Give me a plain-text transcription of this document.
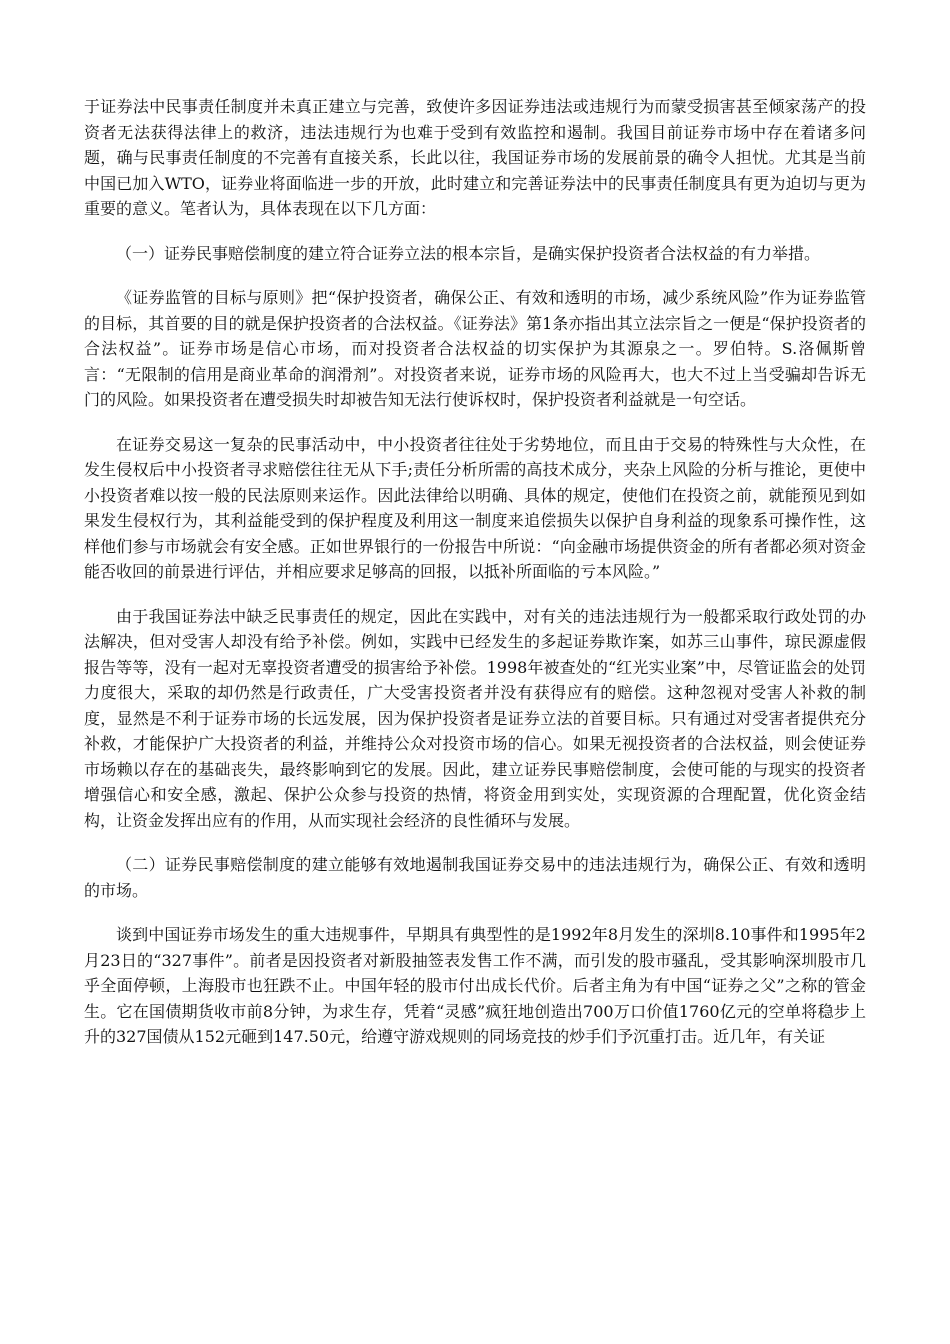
于证券法中民事责任制度并未真正建立与完善，致使许多因证券违法或违规行为而蒙受损害甚至倾家荡产的投资者无法获得法律上的救济，违法违规行为也难于受到有效监控和遏制。我国目前证券市场中存在着诸多问题，确与民事责任制度的不完善有直接关系，长此以往，我国证券市场的发展前景的确令人担忧。尤其是当前中国已加入WTO，证券业将面临进一步的开放，此时建立和完善证券法中的民事责任制度具有更为迫切与更为重要的意义。笔者认为，具体表现在以下几方面：

（一）证券民事赔偿制度的建立符合证券立法的根本宗旨，是确实保护投资者合法权益的有力举措。

《证券监管的目标与原则》把“保护投资者，确保公正、有效和透明的市场，减少系统风险”作为证券监管的目标，其首要的目的就是保护投资者的合法权益。《证券法》第1条亦指出其立法宗旨之一便是“保护投资者的合法权益”。证券市场是信心市场，而对投资者合法权益的切实保护为其源泉之一。罗伯特。S.洛佩斯曾言：“无限制的信用是商业革命的润滑剂”。对投资者来说，证券市场的风险再大，也大不过上当受骗却告诉无门的风险。如果投资者在遭受损失时却被告知无法行使诉权时，保护投资者利益就是一句空话。

在证券交易这一复杂的民事活动中，中小投资者往往处于劣势地位，而且由于交易的特殊性与大众性，在发生侵权后中小投资者寻求赔偿往往无从下手;责任分析所需的高技术成分，夹杂上风险的分析与推论，更使中小投资者难以按一般的民法原则来运作。因此法律给以明确、具体的规定，使他们在投资之前，就能预见到如果发生侵权行为，其利益能受到的保护程度及利用这一制度来追偿损失以保护自身利益的现象系可操作性，这样他们参与市场就会有安全感。正如世界银行的一份报告中所说：“向金融市场提供资金的所有者都必须对资金能否收回的前景进行评估，并相应要求足够高的回报，以抵补所面临的亏本风险。”

由于我国证券法中缺乏民事责任的规定，因此在实践中，对有关的违法违规行为一般都采取行政处罚的办法解决，但对受害人却没有给予补偿。例如，实践中已经发生的多起证券欺诈案，如苏三山事件，琼民源虚假报告等等，没有一起对无辜投资者遭受的损害给予补偿。1998年被查处的“红光实业案”中，尽管证监会的处罚力度很大，采取的却仍然是行政责任，广大受害投资者并没有获得应有的赔偿。这种忽视对受害人补救的制度，显然是不利于证券市场的长远发展，因为保护投资者是证券立法的首要目标。只有通过对受害者提供充分补救，才能保护广大投资者的利益，并维持公众对投资市场的信心。如果无视投资者的合法权益，则会使证券市场赖以存在的基础丧失，最终影响到它的发展。因此，建立证券民事赔偿制度，会使可能的与现实的投资者增强信心和安全感，激起、保护公众参与投资的热情，将资金用到实处，实现资源的合理配置，优化资金结构，让资金发挥出应有的作用，从而实现社会经济的良性循环与发展。

（二）证券民事赔偿制度的建立能够有效地遏制我国证券交易中的违法违规行为，确保公正、有效和透明的市场。

谈到中国证券市场发生的重大违规事件，早期具有典型性的是1992年8月发生的深圳8.10事件和1995年2月23日的“327事件”。前者是因投资者对新股抽签表发售工作不满，而引发的股市骚乱，受其影响深圳股市几乎全面停顿，上海股市也狂跌不止。中国年轻的股市付出成长代价。后者主角为有中国“证券之父”之称的管金生。它在国债期货收市前8分钟，为求生存，凭着“灵感”疯狂地创造出700万口价值1760亿元的空单将稳步上升的327国债从152元砸到147.50元，给遵守游戏规则的同场竞技的炒手们予沉重打击。近几年，有关证
